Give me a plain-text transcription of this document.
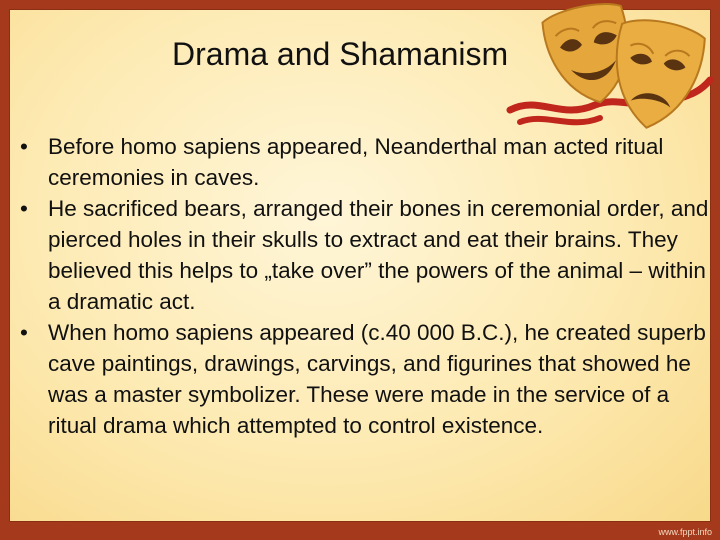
Drama and Shamanism
• Before homo sapiens appeared, Neanderthal man acted ritual ceremonies in caves.
• He sacrificed bears, arranged their bones in ceremonial order, and pierced holes in their skulls to extract and eat their brains. They believed this helps to „take over” the powers of the animal – within a dramatic act.
• When homo sapiens appeared (c.40 000 B.C.), he created superb cave paintings, drawings, carvings, and figurines that showed he was a master symbolizer. These were made in the service of a ritual drama which attempted to control existence.
www.fppt.info
